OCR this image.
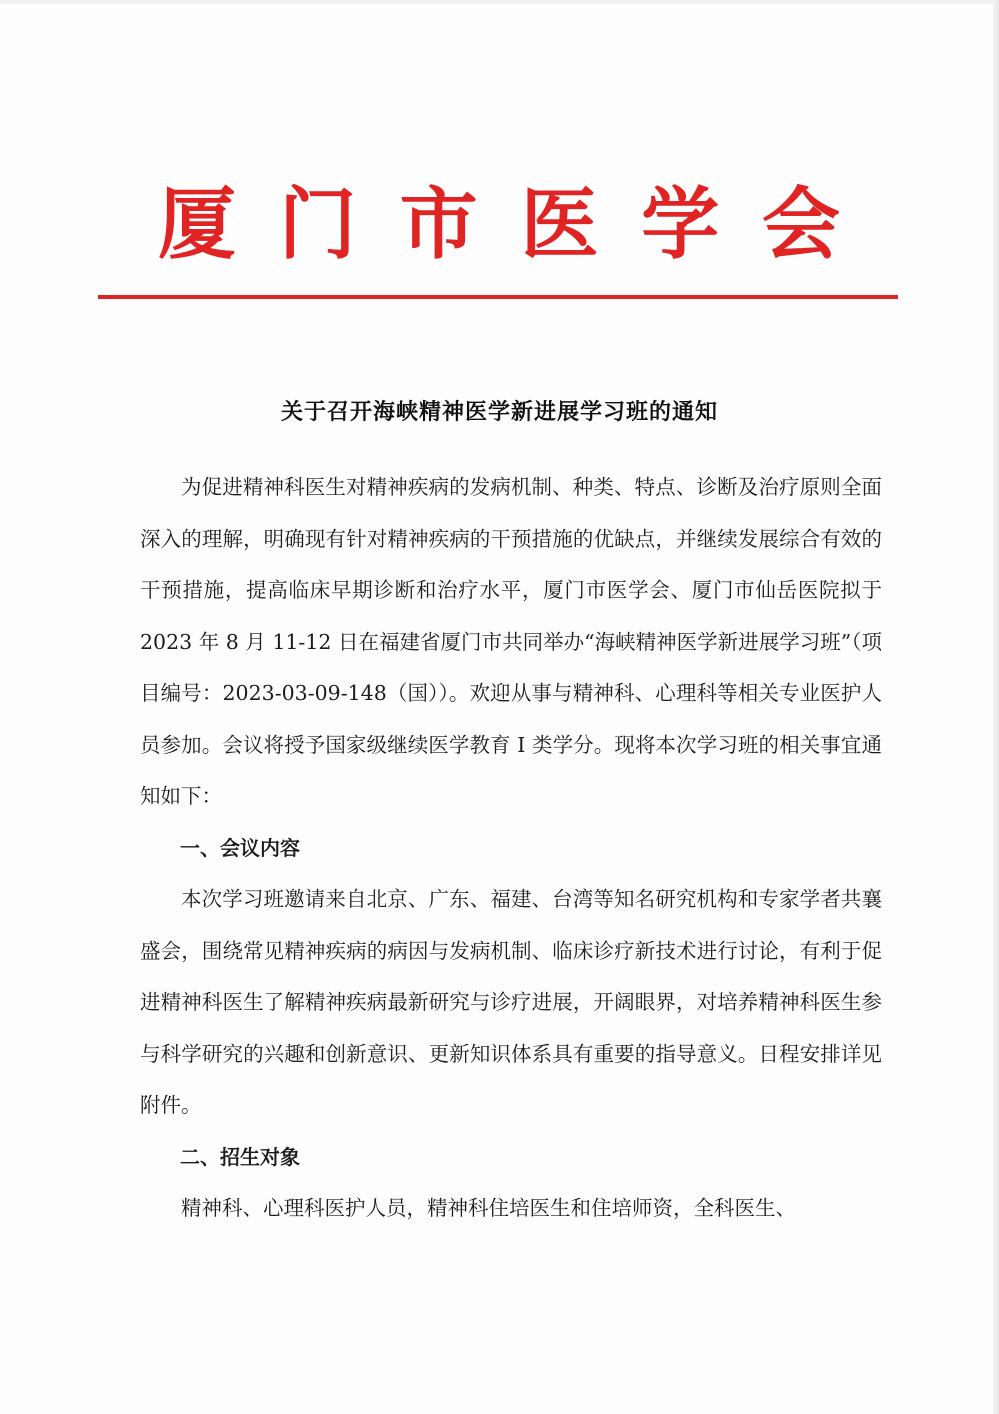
厦 门 市 医 学 会
关于召开海峡精神医学新进展学习班的通知

为促进精神科医生对精神疾病的发病机制、种类、特点、诊断及治疗原则全面深入的理解，明确现有针对精神疾病的干预措施的优缺点，并继续发展综合有效的干预措施，提高临床早期诊断和治疗水平，厦门市医学会、厦门市仙岳医院拟于 2023 年 8 月 11-12 日在福建省厦门市共同举办“海峡精神医学新进展学习班”（项目编号：2023-03-09-148（国））。欢迎从事与精神科、心理科等相关专业医护人员参加。会议将授予国家级继续医学教育 I 类学分。现将本次学习班的相关事宜通知如下：

一、会议内容

本次学习班邀请来自北京、广东、福建、台湾等知名研究机构和专家学者共襄盛会，围绕常见精神疾病的病因与发病机制、临床诊疗新技术进行讨论，有利于促进精神科医生了解精神疾病最新研究与诊疗进展，开阔眼界，对培养精神科医生参与科学研究的兴趣和创新意识、更新知识体系具有重要的指导意义。日程安排详见附件。

二、招生对象

精神科、心理科医护人员，精神科住培医生和住培师资，全科医生、
